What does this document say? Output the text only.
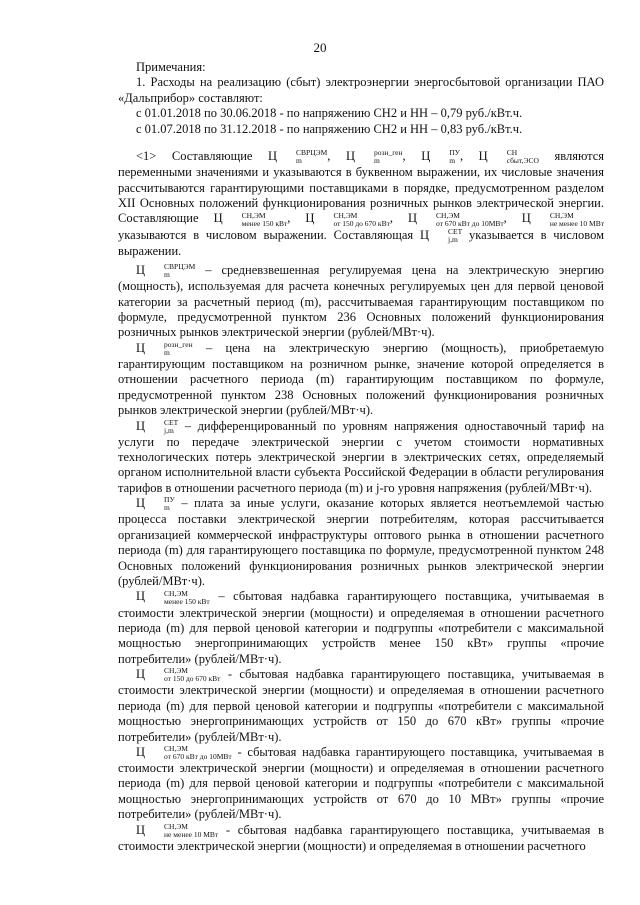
20

Примечания:

1. Расходы на реализацию (сбыт) электроэнергии энергосбытовой организации ПАО «Дальприбор» составляют:

с 01.01.2018 по 30.06.2018 - по напряжению СН2 и НН – 0,79 руб./кВт.ч.

с 01.07.2018 по 31.12.2018 - по напряжению СН2 и НН – 0,83 руб./кВт.ч.

<1> Составляющие Ц	СВРЦЭМ
m	, Ц	розн_ген
m	, Ц	ПУ
m , Ц	СН
сбыт,ЭСО являются переменными значениями и указываются в буквенном выражении, их числовые значения рассчитываются гарантирующими поставщиками в порядке, предусмотренном разделом XII Основных положений функционирования розничных рынков электрической энергии. Составляющие Ц	СН,ЭМ
менее 150 кВт , Ц	СН,ЭМ
от 150 до 670 кВт , Ц	СН,ЭМ
от 670 кВт до 10МВт , Ц	СН,ЭМ
не менее 10 МВт
указываются в числовом выражении. Составляющая Ц	СЕТ
j,m указывается в числовом выражении.

Ц	СВРЦЭМ
m	– средневзвешенная регулируемая цена на электрическую энергию (мощность), используемая для расчета конечных регулируемых цен для первой ценовой категории за расчетный период (m), рассчитываемая гарантирующим поставщиком по формуле, предусмотренной пунктом 236 Основных положений функционирования розничных рынков электрической энергии (рублей/МВт·ч).

Ц	розн_ген
m	– цена на электрическую энергию (мощность), приобретаемую гарантирующим поставщиком на розничном рынке, значение которой определяется в отношении расчетного периода (m) гарантирующим поставщиком по формуле, предусмотренной пунктом 238 Основных положений функционирования розничных рынков электрической энергии (рублей/МВт·ч).

Ц	СЕТ
j,m – дифференцированный по уровням напряжения одноставочный тариф на услуги по передаче электрической энергии с учетом стоимости нормативных технологических потерь электрической энергии в электрических сетях, определяемый органом исполнительной власти субъекта Российской Федерации в области регулирования тарифов в отношении расчетного периода (m) и j-го уровня напряжения (рублей/МВт·ч).

Ц	ПУ
m – плата за иные услуги, оказание которых является неотъемлемой частью процесса поставки электрической энергии потребителям, которая рассчитывается организацией коммерческой инфраструктуры оптового рынка в отношении расчетного периода (m) для гарантирующего поставщика по формуле, предусмотренной пунктом 248 Основных положений функционирования розничных рынков электрической энергии (рублей/МВт·ч).

Ц	СН,ЭМ
менее 150 кВт – сбытовая надбавка гарантирующего поставщика, учитываемая в стоимости электрической энергии (мощности) и определяемая в отношении расчетного периода (m) для первой ценовой категории и подгруппы «потребители с максимальной мощностью энергопринимающих устройств менее 150 кВт» группы «прочие потребители» (рублей/МВт·ч).

Ц	СН,ЭМ
от 150 до 670 кВт - сбытовая надбавка гарантирующего поставщика, учитываемая в стоимости электрической энергии (мощности) и определяемая в отношении расчетного периода (m) для первой ценовой категории и подгруппы «потребители с максимальной мощностью энергопринимающих устройств от 150 до 670 кВт» группы «прочие потребители» (рублей/МВт·ч).

Ц	СН,ЭМ
от 670 кВт до 10МВт - сбытовая надбавка гарантирующего поставщика, учитываемая в стоимости электрической энергии (мощности) и определяемая в отношении расчетного периода (m) для первой ценовой категории и подгруппы «потребители с максимальной мощностью энергопринимающих устройств от 670 до 10 МВт» группы «прочие потребители» (рублей/МВт·ч).

Ц	СН,ЭМ
не менее 10 МВт - сбытовая надбавка гарантирующего поставщика, учитываемая в стоимости электрической энергии (мощности) и определяемая в отношении расчетного
